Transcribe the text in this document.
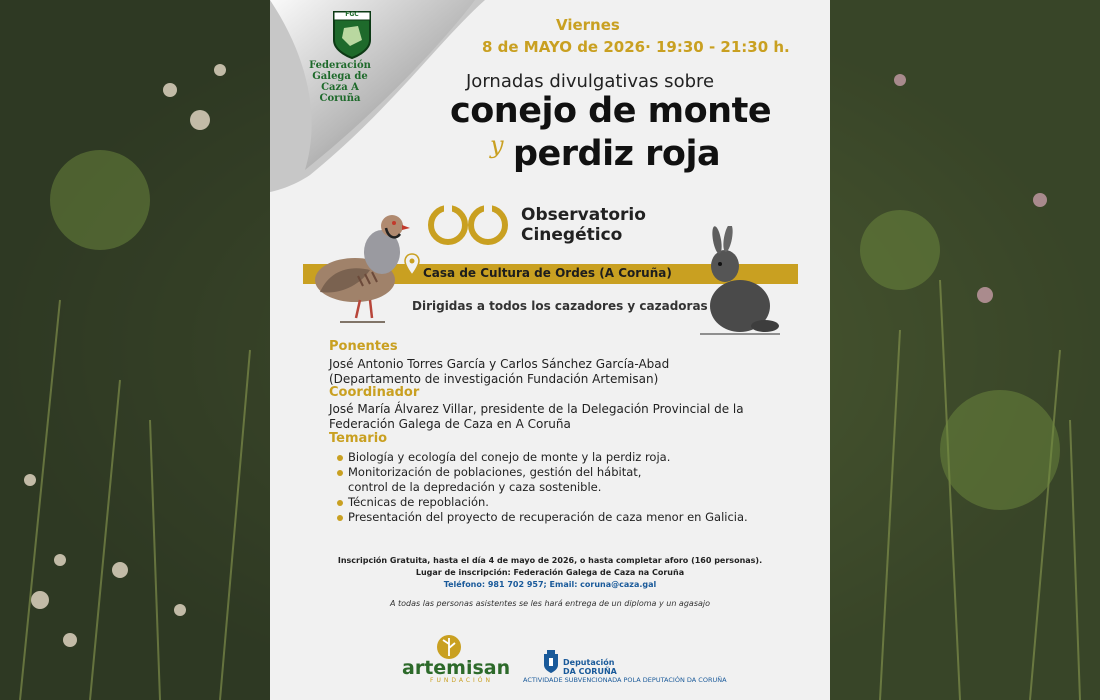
FGC
Federación Galega de Caza A Coruña
Viernes
8 de MAYO de 2026· 19:30 - 21:30 h.
Jornadas divulgativas sobre
conejo de monte
y perdiz roja
Observatorio Cinegético
Casa de Cultura de Ordes (A Coruña)
Dirigidas a todos los cazadores y cazadoras
Ponentes
José Antonio Torres García y Carlos Sánchez García-Abad
(Departamento de investigación Fundación Artemisan)
Coordinador
José María Álvarez Villar, presidente de la Delegación Provincial de la
Federación Galega de Caza en A Coruña
Temario
Biología y ecología del conejo de monte y la perdiz roja.
Monitorización de poblaciones, gestión del hábitat,
control de la depredación y caza sostenible.
Técnicas de repoblación.
Presentación del proyecto de recuperación de caza menor en Galicia.
Inscripción Gratuita, hasta el día 4 de mayo de 2026, o hasta completar aforo (160 personas).
Lugar de inscripción: Federación Galega de Caza na Coruña
Teléfono: 981 702 957; Email: coruna@caza.gal
A todas las personas asistentes se les hará entrega de un diploma y un agasajo
artemisan
FUNDACIÓN
Deputación DA CORUÑA
ACTIVIDADE SUBVENCIONADA POLA DEPUTACIÓN DA CORUÑA
